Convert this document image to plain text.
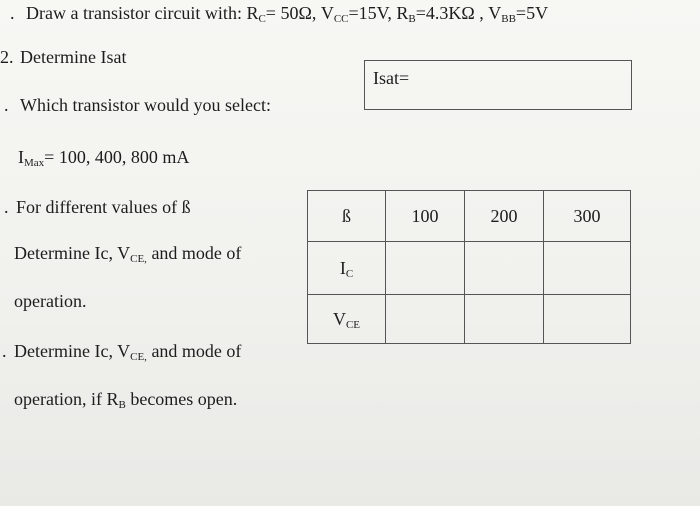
. Draw a transistor circuit with: $R_C= 50\Omega$, $V_{CC}=15V$, $R_B=4.3K\Omega$ , $V_{BB}=5V$
2. Determine Isat
Isat=
. Which transistor would you select:
$I_{Max}= 100$, 400, 800 mA
. For different values of ß
Determine Ic, $V_{CE,}$ and mode of
operation.
. Determine Ic, $V_{CE,}$ and mode of
operation, if $R_B$ becomes open.
ß	100	200	300
$I_C$			
$V_{CE}$			
